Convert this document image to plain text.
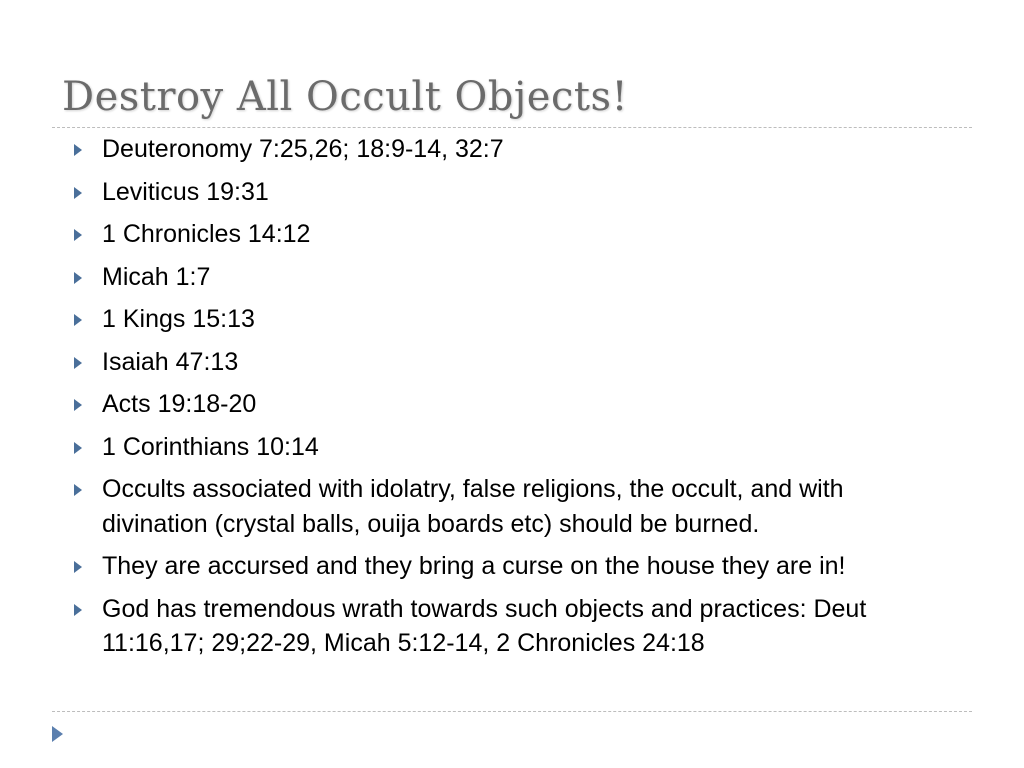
Destroy All Occult Objects!
Deuteronomy 7:25,26; 18:9-14, 32:7
Leviticus 19:31
1 Chronicles 14:12
Micah 1:7
1 Kings 15:13
Isaiah 47:13
Acts 19:18-20
1 Corinthians 10:14
Occults associated with idolatry, false religions, the occult, and with divination (crystal balls, ouija boards etc) should be burned.
They are accursed and they bring a curse on the house they are in!
God has tremendous wrath towards such objects and practices: Deut 11:16,17; 29;22-29, Micah 5:12-14, 2 Chronicles 24:18
